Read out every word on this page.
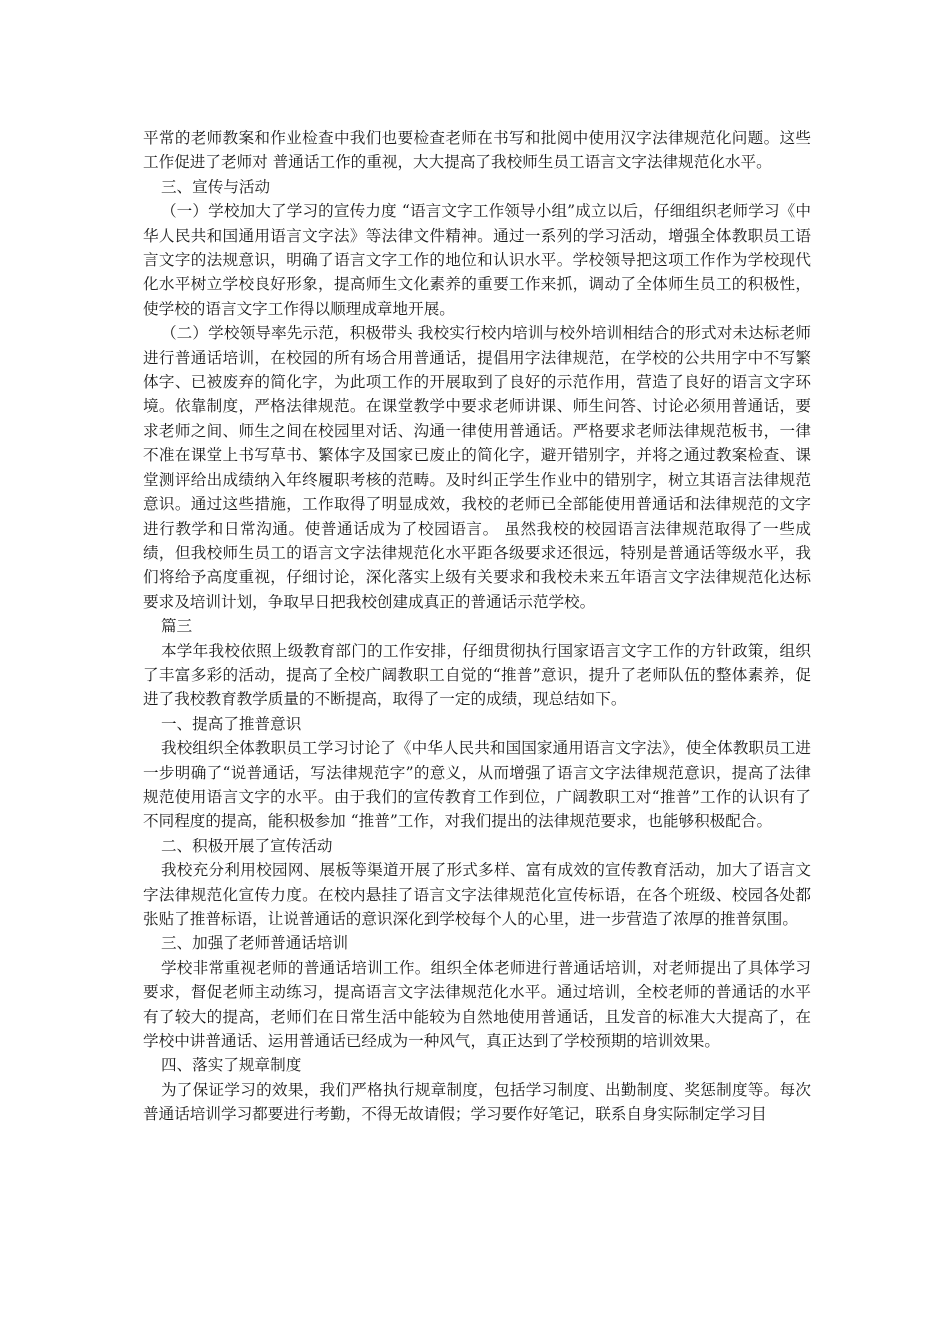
平常的老师教案和作业检查中我们也要检查老师在书写和批阅中使用汉字法律规范化问题。这些工作促进了老师对 普通话工作的重视，大大提高了我校师生员工语言文字法律规范化水平。

三、宣传与活动

（一）学校加大了学习的宣传力度 “语言文字工作领导小组”成立以后，仔细组织老师学习《中华人民共和国通用语言文字法》等法律文件精神。通过一系列的学习活动，增强全体教职员工语言文字的法规意识，明确了语言文字工作的地位和认识水平。学校领导把这项工作作为学校现代化水平树立学校良好形象，提高师生文化素养的重要工作来抓，调动了全体师生员工的积极性，使学校的语言文字工作得以顺理成章地开展。

（二）学校领导率先示范，积极带头 我校实行校内培训与校外培训相结合的形式对未达标老师进行普通话培训，在校园的所有场合用普通话，提倡用字法律规范，在学校的公共用字中不写繁体字、已被废弃的简化字，为此项工作的开展取到了良好的示范作用，营造了良好的语言文字环境。依靠制度，严格法律规范。在课堂教学中要求老师讲课、师生问答、讨论必须用普通话，要求老师之间、师生之间在校园里对话、沟通一律使用普通话。严格要求老师法律规范板书，一律不准在课堂上书写草书、繁体字及国家已废止的简化字，避开错别字，并将之通过教案检查、课堂测评给出成绩纳入年终履职考核的范畴。及时纠正学生作业中的错别字，树立其语言法律规范意识。通过这些措施，工作取得了明显成效，我校的老师已全部能使用普通话和法律规范的文字进行教学和日常沟通。使普通话成为了校园语言。 虽然我校的校园语言法律规范取得了一些成绩，但我校师生员工的语言文字法律规范化水平距各级要求还很远，特别是普通话等级水平，我们将给予高度重视，仔细讨论，深化落实上级有关要求和我校未来五年语言文字法律规范化达标要求及培训计划，争取早日把我校创建成真正的普通话示范学校。

篇三

本学年我校依照上级教育部门的工作安排，仔细贯彻执行国家语言文字工作的方针政策，组织了丰富多彩的活动，提高了全校广阔教职工自觉的“推普”意识，提升了老师队伍的整体素养，促进了我校教育教学质量的不断提高，取得了一定的成绩，现总结如下。

一、提高了推普意识

我校组织全体教职员工学习讨论了《中华人民共和国国家通用语言文字法》，使全体教职员工进一步明确了“说普通话，写法律规范字”的意义，从而增强了语言文字法律规范意识，提高了法律规范使用语言文字的水平。由于我们的宣传教育工作到位，广阔教职工对“推普”工作的认识有了不同程度的提高，能积极参加 “推普”工作，对我们提出的法律规范要求，也能够积极配合。

二、积极开展了宣传活动

我校充分利用校园网、展板等渠道开展了形式多样、富有成效的宣传教育活动，加大了语言文字法律规范化宣传力度。在校内悬挂了语言文字法律规范化宣传标语，在各个班级、校园各处都张贴了推普标语，让说普通话的意识深化到学校每个人的心里，进一步营造了浓厚的推普氛围。

三、加强了老师普通话培训

学校非常重视老师的普通话培训工作。组织全体老师进行普通话培训，对老师提出了具体学习要求，督促老师主动练习，提高语言文字法律规范化水平。通过培训，全校老师的普通话的水平有了较大的提高，老师们在日常生活中能较为自然地使用普通话，且发音的标准大大提高了，在学校中讲普通话、运用普通话已经成为一种风气，真正达到了学校预期的培训效果。

四、落实了规章制度

为了保证学习的效果，我们严格执行规章制度，包括学习制度、出勤制度、奖惩制度等。每次普通话培训学习都要进行考勤，不得无故请假；学习要作好笔记，联系自身实际制定学习目
